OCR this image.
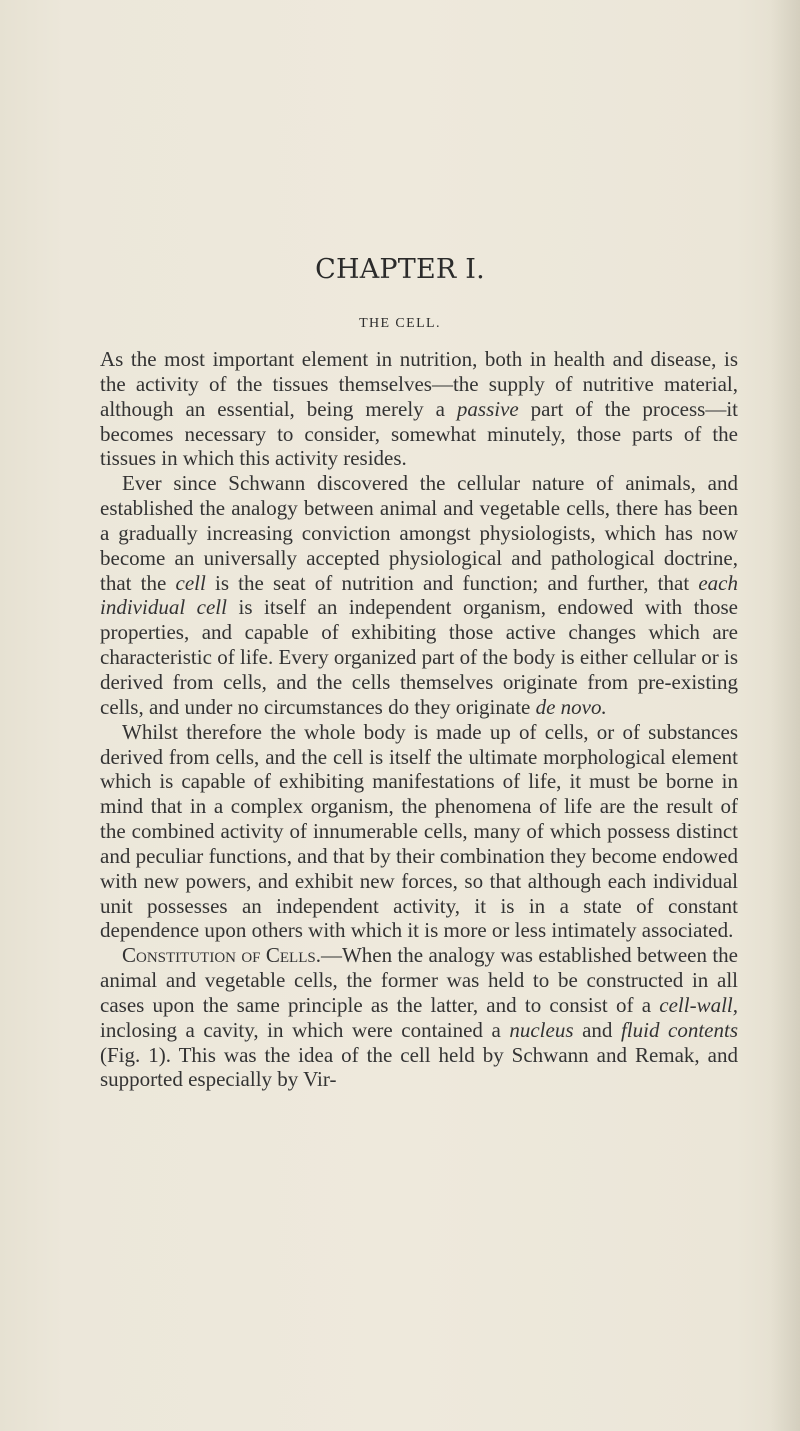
CHAPTER I.
THE CELL.

As the most important element in nutrition, both in health and disease, is the activity of the tissues themselves—the supply of nutritive material, although an essential, being merely a passive part of the process—it becomes necessary to consider, somewhat minutely, those parts of the tissues in which this activity resides.

Ever since Schwann discovered the cellular nature of animals, and established the analogy between animal and vegetable cells, there has been a gradually increasing conviction amongst physiologists, which has now become an universally accepted physiological and pathological doctrine, that the cell is the seat of nutrition and function; and further, that each individual cell is itself an independent organism, endowed with those properties, and capable of exhibiting those active changes which are characteristic of life. Every organized part of the body is either cellular or is derived from cells, and the cells themselves originate from pre-existing cells, and under no circumstances do they originate de novo.

Whilst therefore the whole body is made up of cells, or of substances derived from cells, and the cell is itself the ultimate morphological element which is capable of exhibiting manifestations of life, it must be borne in mind that in a complex organism, the phenomena of life are the result of the combined activity of innumerable cells, many of which possess distinct and peculiar functions, and that by their combination they become endowed with new powers, and exhibit new forces, so that although each individual unit possesses an independent activity, it is in a state of constant dependence upon others with which it is more or less intimately associated.

Constitution of Cells.—When the analogy was established between the animal and vegetable cells, the former was held to be constructed in all cases upon the same principle as the latter, and to consist of a cell-wall, inclosing a cavity, in which were contained a nucleus and fluid contents (Fig. 1). This was the idea of the cell held by Schwann and Remak, and supported especially by Vir-
